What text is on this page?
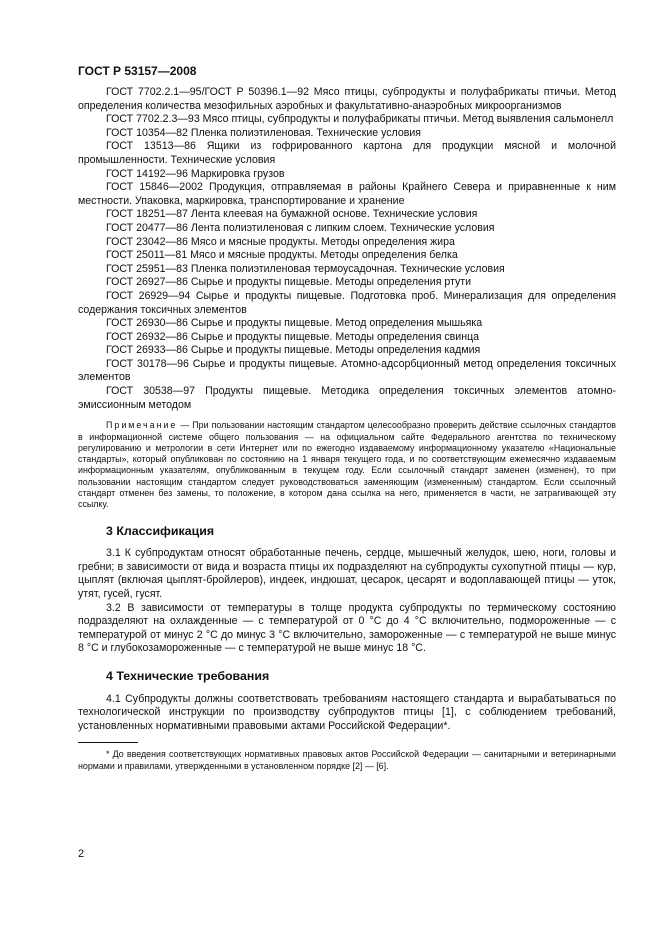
ГОСТ Р 53157—2008

ГОСТ 7702.2.1—95/ГОСТ Р 50396.1—92 Мясо птицы, субпродукты и полуфабрикаты птичьи. Метод определения количества мезофильных аэробных и факультативно-анаэробных микроорганизмов

ГОСТ 7702.2.3—93 Мясо птицы, субпродукты и полуфабрикаты птичьи. Метод выявления сальмонелл

ГОСТ 10354—82 Пленка полиэтиленовая. Технические условия

ГОСТ 13513—86 Ящики из гофрированного картона для продукции мясной и молочной промышленности. Технические условия

ГОСТ 14192—96 Маркировка грузов

ГОСТ 15846—2002 Продукция, отправляемая в районы Крайнего Севера и приравненные к ним местности. Упаковка, маркировка, транспортирование и хранение

ГОСТ 18251—87 Лента клеевая на бумажной основе. Технические условия

ГОСТ 20477—86 Лента полиэтиленовая с липким слоем. Технические условия

ГОСТ 23042—86 Мясо и мясные продукты. Методы определения жира

ГОСТ 25011—81 Мясо и мясные продукты. Методы определения белка

ГОСТ 25951—83 Пленка полиэтиленовая термоусадочная. Технические условия

ГОСТ 26927—86 Сырье и продукты пищевые. Методы определения ртути

ГОСТ 26929—94 Сырье и продукты пищевые. Подготовка проб. Минерализация для определения содержания токсичных элементов

ГОСТ 26930—86 Сырье и продукты пищевые. Метод определения мышьяка

ГОСТ 26932—86 Сырье и продукты пищевые. Методы определения свинца

ГОСТ 26933—86 Сырье и продукты пищевые. Методы определения кадмия

ГОСТ 30178—96 Сырье и продукты пищевые. Атомно-адсорбционный метод определения токсичных элементов

ГОСТ 30538—97 Продукты пищевые. Методика определения токсичных элементов атомно-эмиссионным методом

Примечание — При пользовании настоящим стандартом целесообразно проверить действие ссылочных стандартов в информационной системе общего пользования — на официальном сайте Федерального агентства по техническому регулированию и метрологии в сети Интернет или по ежегодно издаваемому информационному указателю «Национальные стандарты», который опубликован по состоянию на 1 января текущего года, и по соответствующим ежемесячно издаваемым информационным указателям, опубликованным в текущем году. Если ссылочный стандарт заменен (изменен), то при пользовании настоящим стандартом следует руководствоваться заменяющим (измененным) стандартом. Если ссылочный стандарт отменен без замены, то положение, в котором дана ссылка на него, применяется в части, не затрагивающей эту ссылку.

3 Классификация

3.1 К субпродуктам относят обработанные печень, сердце, мышечный желудок, шею, ноги, головы и гребни; в зависимости от вида и возраста птицы их подразделяют на субпродукты сухопутной птицы — кур, цыплят (включая цыплят-бройлеров), индеек, индюшат, цесарок, цесарят и водоплавающей птицы — уток, утят, гусей, гусят.

3.2 В зависимости от температуры в толще продукта субпродукты по термическому состоянию подразделяют на охлажденные — с температурой от 0 °С до 4 °С включительно, подмороженные — с температурой от минус 2 °С до минус 3 °С включительно, замороженные — с температурой не выше минус 8 °С и глубокозамороженные — с температурой не выше минус 18 °С.

4 Технические требования

4.1 Субпродукты должны соответствовать требованиям настоящего стандарта и вырабатываться по технологической инструкции по производству субпродуктов птицы [1], с соблюдением требований, установленных нормативными правовыми актами Российской Федерации*.

* До введения соответствующих нормативных правовых актов Российской Федерации — санитарными и ветеринарными нормами и правилами, утвержденными в установленном порядке [2] — [6].

2
